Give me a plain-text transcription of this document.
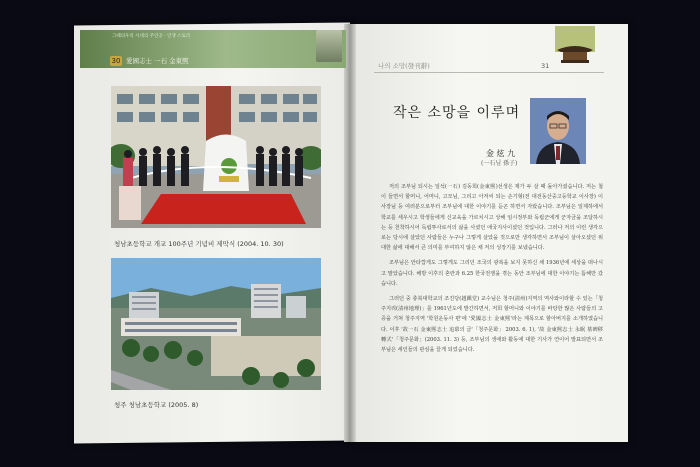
그때의우리 시대의 주인공 · 인생 스토리
30 愛國志士 一石 金東煕
청남초등학교 개교 100주년 기념비 제막식 (2004. 10. 30)
청주 청남초등학교 (2005. 8)
나의 소망(發刊辭)	31
작은 소망을 이루며
金 炫 九
(一石님 孫子)

저의 조부님 되시는 일석(一石) 김동희(金東煕)선생은 제가 두 살 때 돌아가셨습니다. 저는 철이 들면서 할머니, 어머니, 고모님, 그리고 아저씨 되는 손기형(전 대전동산중고등학교 이사장) 이사장님 등 여러분으로부터 조부님에 대한 이야기를 듣곤 하면서 자랐습니다. 조부님은 일제하에서 학교를 세우시고 학생들에게 신교육을 가르치시고 상해 임시정부와 독립군에게 군자금을 조달하시는 등 천착하시어 독립투사로서의 삶을 사셨던 애국지사이셨던 것입니다. 그러나 저의 이런 생각으로는 당시에 살았던 사람들은 누구나 그렇게 살았을 것으로만 생각하면서 조부님이 살아오셨던 위대한 삶에 대해서 큰 의미를 부여하지 않은 채 저의 성장기를 보냈습니다.

조부님은 안타깝게도 그렇게도 그리던 조국의 광복을 보지 못하신 채 1936년에 세상을 떠나시고 말았습니다. 해방 이후의 혼란과 6.25 한국전쟁을 겪는 동안 조부님에 대한 이야기는 뜸해만 갔습니다.

그러던 중 충북대학교의 조진당(趙鎭堂) 교수님은 청주(淸州)지역의 역사와이라할 수 있는「청주지리(淸州地理)」를 1961년도에 발간하면서, 저희 할머니와 이야기를 바탕한 많은 사람들의 고증을 거쳐 청주지역 '학원운동사 편'에 '愛國志士 金東煕'라는 제목으로 할아버지를 소개하였습니다. 이후 '故一石 金東煕志士 追慕의 글'「청주문화」 2003. 6. 1), '故 金東煕志士 永眠 墓碑移轉式'「청주문화」(2003. 11. 3) 등, 조부님의 생애와 활동에 대한 기사가 연이어 발표되면서 조부님은 세인들의 관심을 끌게 되었습니다.
